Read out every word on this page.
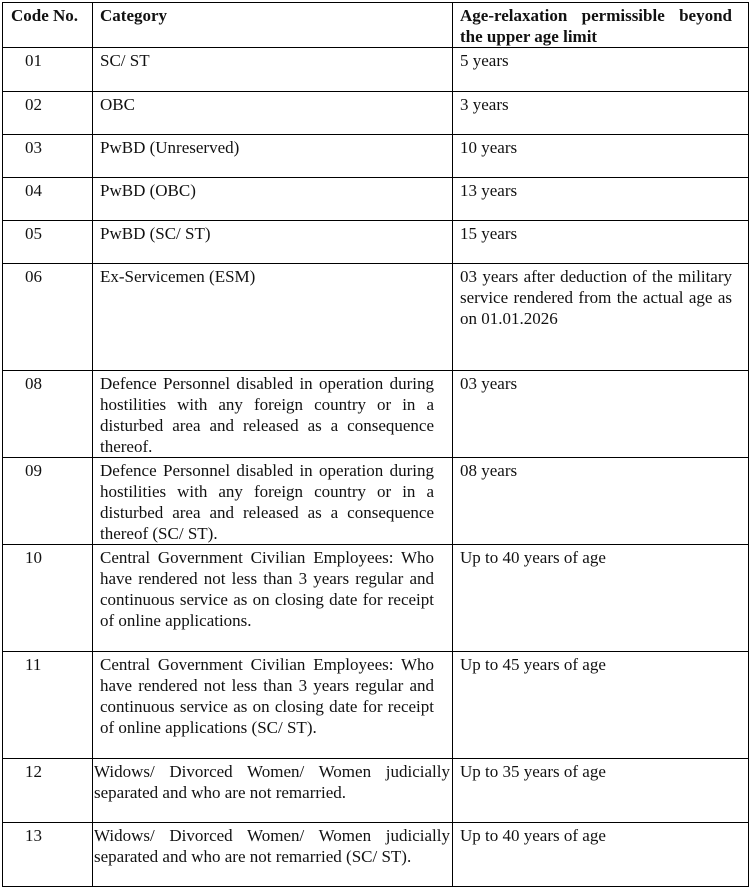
Code No.	Category	Age-relaxation permissible beyond the upper age limit
01	SC/ ST	5 years
02	OBC	3 years
03	PwBD (Unreserved)	10 years
04	PwBD (OBC)	13 years
05	PwBD (SC/ ST)	15 years
06	Ex-Servicemen (ESM)	03 years after deduction of the military service rendered from the actual age as on 01.01.2026
08	Defence Personnel disabled in operation during hostilities with any foreign country or in a disturbed area and released as a consequence thereof.	03 years
09	Defence Personnel disabled in operation during hostilities with any foreign country or in a disturbed area and released as a consequence thereof (SC/ ST).	08 years
10	Central Government Civilian Employees: Who have rendered not less than 3 years regular and continuous service as on closing date for receipt of online applications.	Up to 40 years of age
11	Central Government Civilian Employees: Who have rendered not less than 3 years regular and continuous service as on closing date for receipt of online applications (SC/ ST).	Up to 45 years of age
12	Widows/ Divorced Women/ Women judicially separated and who are not remarried.	Up to 35 years of age
13	Widows/ Divorced Women/ Women judicially separated and who are not remarried (SC/ ST).	Up to 40 years of age
